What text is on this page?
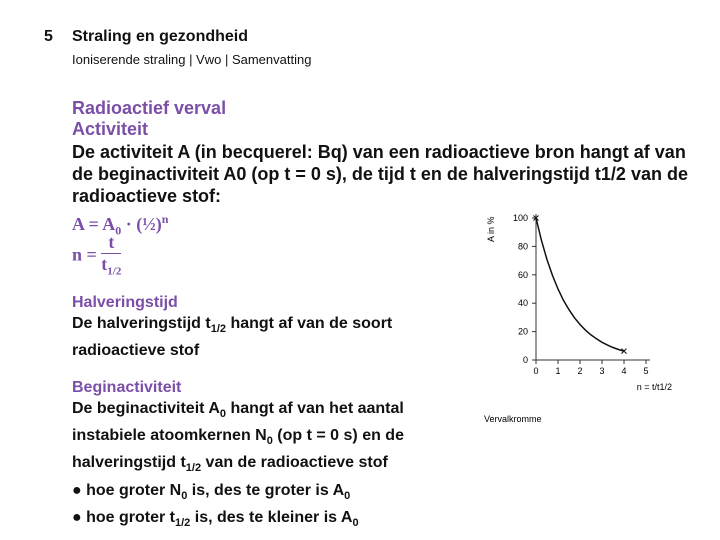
5 Straling en gezondheid
Ioniserende straling | Vwo | Samenvatting
Radioactief verval
Activiteit
De activiteit A (in becquerel: Bq) van een radioactieve bron hangt af van
de beginactiviteit A0 (op t = 0 s), de tijd t en de halveringstijd t1/2 van de
radioactieve stof:
$A = A_0$ · (½)$^n$
$n = \frac{t}{t_{1/2}}$
Halveringstijd
De halveringstijd $t_{1/2}$ hangt af van de soort
radioactieve stof
Beginactiviteit
De beginactiviteit $A_0$ hangt af van het aantal
instabiele atoomkernen $N_0$ (op t = 0 s) en de
halveringstijd $t_{1/2}$ van de radioactieve stof
● hoe groter $N_0$ is, des te groter is $A_0$
● hoe groter $t_{1/2}$ is, des te kleiner is $A_0$
A in %
0
20
40
60
80
100
0 1 2 3 4 5
n = t/t1/2
Vervalkromme
